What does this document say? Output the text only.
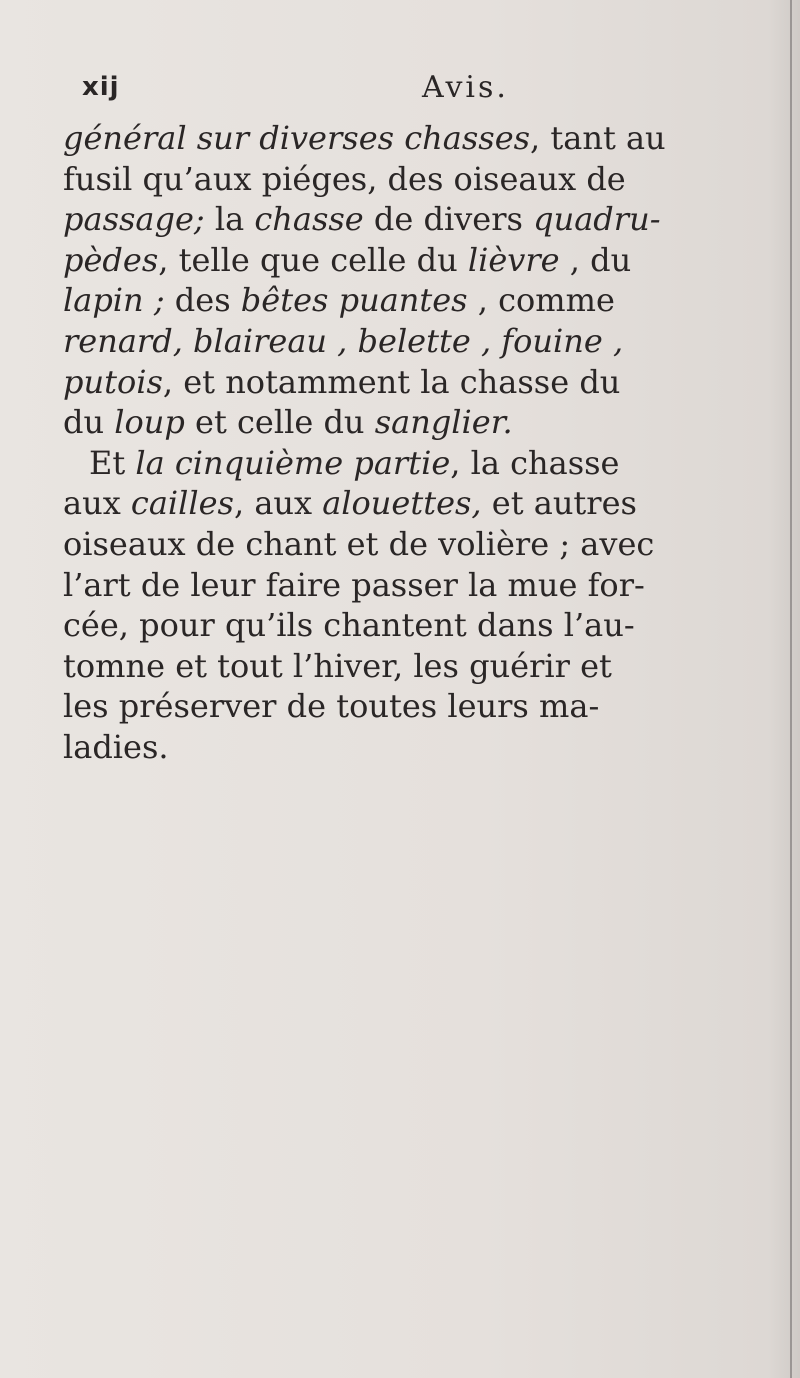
xij	Avis.
général sur diverses chasses, tant au
fusil qu’aux piéges, des oiseaux de
passage; la chasse de divers quadru-
pèdes, telle que celle du lièvre , du
lapin ; des bêtes puantes , comme
renard, blaireau , belette , fouine ,
putois, et notamment la chasse du
du loup et celle du sanglier.
Et la cinquième partie, la chasse
aux cailles, aux alouettes, et autres
oiseaux de chant et de volière ; avec
l’art de leur faire passer la mue for-
cée, pour qu’ils chantent dans l’au-
tomne et tout l’hiver, les guérir et
les préserver de toutes leurs ma-
ladies.
